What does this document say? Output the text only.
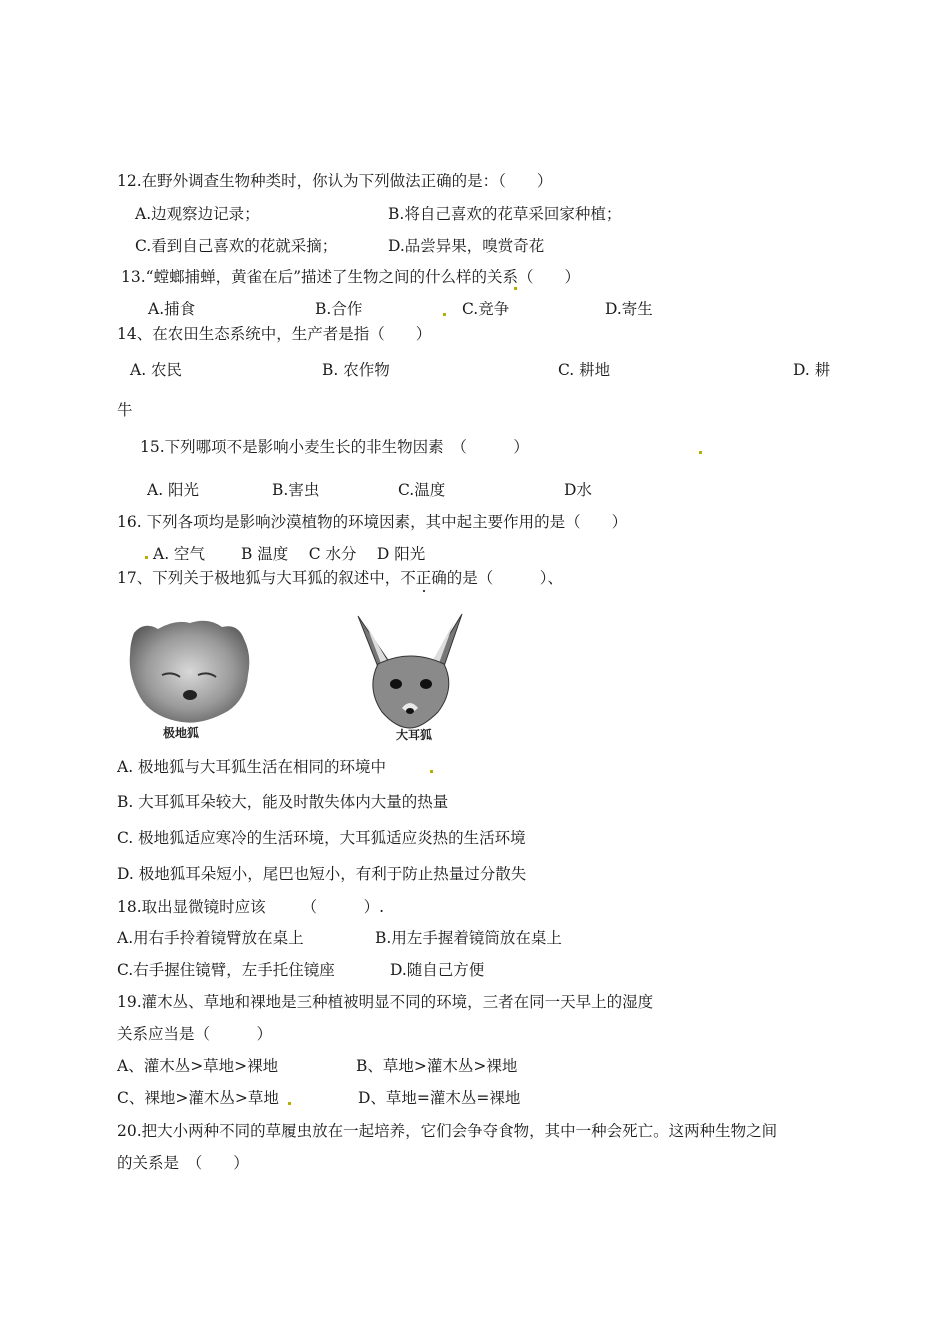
12.在野外调查生物种类时，你认为下列做法正确的是：（　　）
A.边观察边记录；	B.将自己喜欢的花草采回家种植；
C.看到自己喜欢的花就采摘；	D.品尝异果，嗅赏奇花
13.“螳螂捕蝉，黄雀在后”描述了生物之间的什么样的关系（　　）
A.捕食	B.合作	C.竞争	D.寄生
14、在农田生态系统中，生产者是指（　　）
A. 农民	B. 农作物	C. 耕地	D. 耕
牛
15.下列哪项不是影响小麦生长的非生物因素　（　　　）
A. 阳光	B.害虫	C.温度	D水
16. 下列各项均是影响沙漠植物的环境因素，其中起主要作用的是（　　）
A. 空气　　 B 温度　 C 水分　 D 阳光
17、下列关于极地狐与大耳狐的叙述中，不正确的是（　　　）、
极地狐	大耳狐
A. 极地狐与大耳狐生活在相同的环境中
B. 大耳狐耳朵较大，能及时散失体内大量的热量
C. 极地狐适应寒冷的生活环境，大耳狐适应炎热的生活环境
D. 极地狐耳朵短小，尾巴也短小，有利于防止热量过分散失
18.取出显微镜时应该　　 （　　　）.
A.用右手拎着镜臂放在桌上	B.用左手握着镜筒放在桌上
C.右手握住镜臂，左手托住镜座	D.随自己方便
19.灌木丛、草地和裸地是三种植被明显不同的环境，三者在同一天早上的湿度
关系应当是（　　　）
A、灌木丛>草地>裸地	B、草地>灌木丛>裸地
C、裸地>灌木丛>草地	D、草地=灌木丛=裸地
20.把大小两种不同的草履虫放在一起培养，它们会争夺食物，其中一种会死亡。这两种生物之间
的关系是　（　　）
